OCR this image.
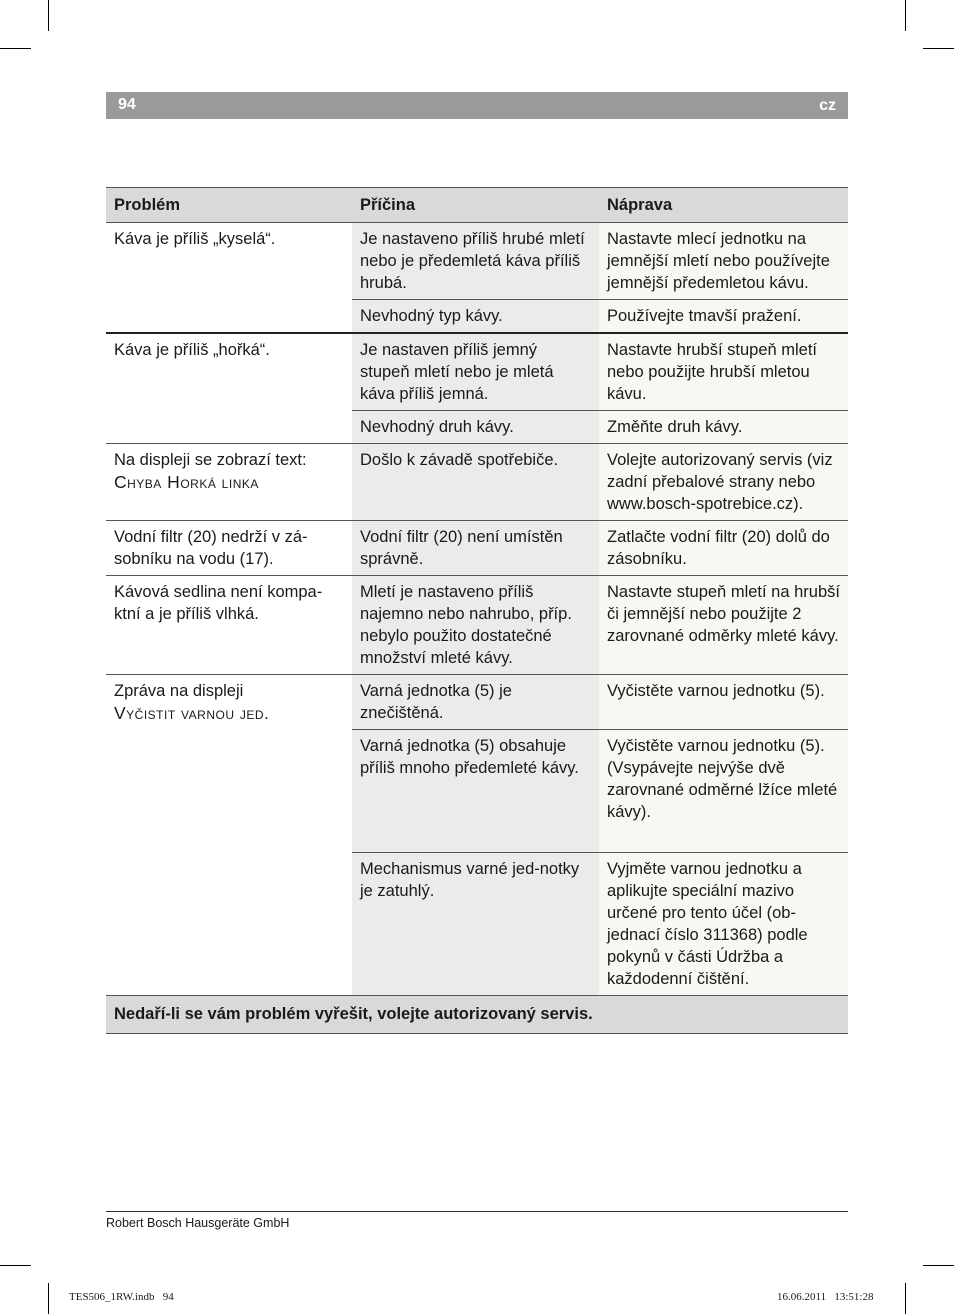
94	cz
Problém	Příčina	Náprava
Káva je příliš „kyselá“.	Je nastaveno příliš hrubé mletí nebo je předemletá káva příliš hrubá.	Nastavte mlecí jednotku na jemnější mletí nebo používejte jemnější předemletou kávu.
	Nevhodný typ kávy.	Používejte tmavší pražení.
Káva je příliš „hořká“.	Je nastaven příliš jemný stupeň mletí nebo je mletá káva příliš jemná.	Nastavte hrubší stupeň mletí nebo použijte hrubší mletou kávu.
	Nevhodný druh kávy.	Změňte druh kávy.

Na displeji se zobrazí text:
Chyba Horká linka	Došlo k závadě spotřebiče.	Volejte autorizovaný servis (viz zadní přebalové strany nebo www.bosch-spotrebice.cz).
Vodní filtr (20) nedrží v zá-sobníku na vodu (17).	Vodní filtr (20) není umístěn správně.	Zatlačte vodní filtr (20) dolů do zásobníku.
Kávová sedlina není kompa-ktní a je příliš vlhká.	Mletí je nastaveno příliš najemno nebo nahrubo, příp. nebylo použito dostatečné množství mleté kávy.	Nastavte stupeň mletí na hrubší či jemnější nebo použijte 2 zarovnané odměrky mleté kávy.

Zpráva na displeji
Vyčistit varnou jed.	Varná jednotka (5) je znečištěná.	Vyčistěte varnou jednotku (5).
	Varná jednotka (5) obsahuje příliš mnoho předemleté kávy.	Vyčistěte varnou jednotku (5).
(Vsypávejte nejvýše dvě zarovnané odměrné lžíce mleté kávy).

	Mechanismus varné jed-notky je zatuhlý.	Vyjměte varnou jednotku a aplikujte speciální mazivo určené pro tento účel (ob-jednací číslo 311368) podle pokynů v části Údržba a každodenní čištění.
Nedaří-li se vám problém vyřešit, volejte autorizovaný servis.		
Robert Bosch Hausgeräte GmbH
TES506_1RW.indb   94	16.06.2011   13:51:28
